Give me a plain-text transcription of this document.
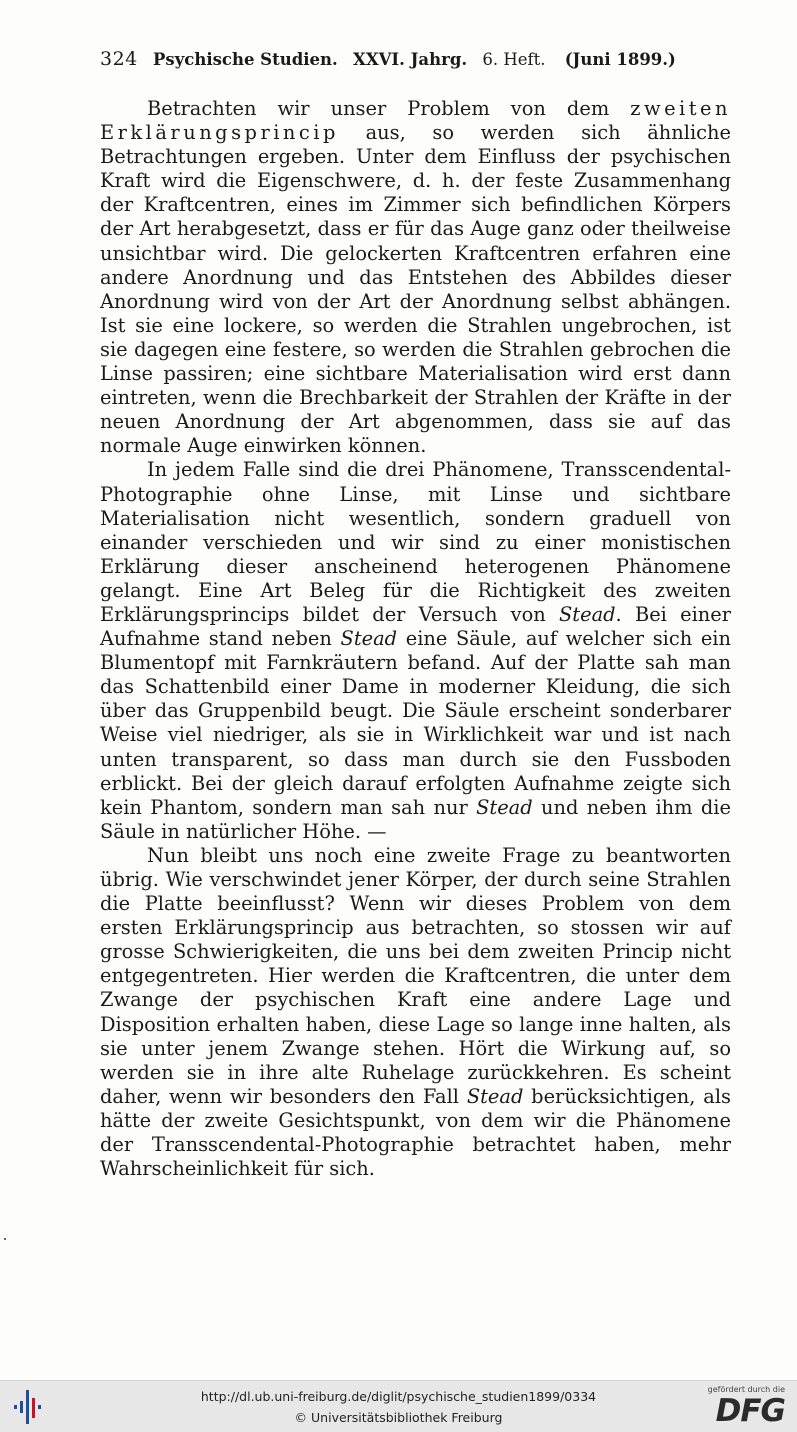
324 Psychische Studien. XXVI. Jahrg. 6. Heft. (Juni 1899.)

Betrachten wir unser Problem von dem zweiten Erklärungsprincip aus, so werden sich ähnliche Betrachtungen ergeben. Unter dem Einfluss der psychischen Kraft wird die Eigenschwere, d. h. der feste Zusammenhang der Kraftcentren, eines im Zimmer sich befindlichen Körpers der Art herabgesetzt, dass er für das Auge ganz oder theilweise unsichtbar wird. Die gelockerten Kraftcentren erfahren eine andere Anordnung und das Entstehen des Abbildes dieser Anordnung wird von der Art der Anordnung selbst abhängen. Ist sie eine lockere, so werden die Strahlen ungebrochen, ist sie dagegen eine festere, so werden die Strahlen gebrochen die Linse passiren; eine sichtbare Materialisation wird erst dann eintreten, wenn die Brechbarkeit der Strahlen der Kräfte in der neuen Anordnung der Art abgenommen, dass sie auf das normale Auge einwirken können.

In jedem Falle sind die drei Phänomene, Transscendental-Photographie ohne Linse, mit Linse und sichtbare Materialisation nicht wesentlich, sondern graduell von einander verschieden und wir sind zu einer monistischen Erklärung dieser anscheinend heterogenen Phänomene gelangt. Eine Art Beleg für die Richtigkeit des zweiten Erklärungsprincips bildet der Versuch von Stead. Bei einer Aufnahme stand neben Stead eine Säule, auf welcher sich ein Blumentopf mit Farnkräutern befand. Auf der Platte sah man das Schattenbild einer Dame in moderner Kleidung, die sich über das Gruppenbild beugt. Die Säule erscheint sonderbarer Weise viel niedriger, als sie in Wirklichkeit war und ist nach unten transparent, so dass man durch sie den Fussboden erblickt. Bei der gleich darauf erfolgten Aufnahme zeigte sich kein Phantom, sondern man sah nur Stead und neben ihm die Säule in natürlicher Höhe. —

Nun bleibt uns noch eine zweite Frage zu beantworten übrig. Wie verschwindet jener Körper, der durch seine Strahlen die Platte beeinflusst? Wenn wir dieses Problem von dem ersten Erklärungsprincip aus betrachten, so stossen wir auf grosse Schwierigkeiten, die uns bei dem zweiten Princip nicht entgegentreten. Hier werden die Kraftcentren, die unter dem Zwange der psychischen Kraft eine andere Lage und Disposition erhalten haben, diese Lage so lange inne halten, als sie unter jenem Zwange stehen. Hört die Wirkung auf, so werden sie in ihre alte Ruhelage zurückkehren. Es scheint daher, wenn wir besonders den Fall Stead berücksichtigen, als hätte der zweite Gesichtspunkt, von dem wir die Phänomene der Transscendental-Photographie betrachtet haben, mehr Wahrscheinlichkeit für sich.

http://dl.ub.uni-freiburg.de/diglit/psychische_studien1899/0334
© Universitätsbibliothek Freiburg
gefördert durch die
DFG
